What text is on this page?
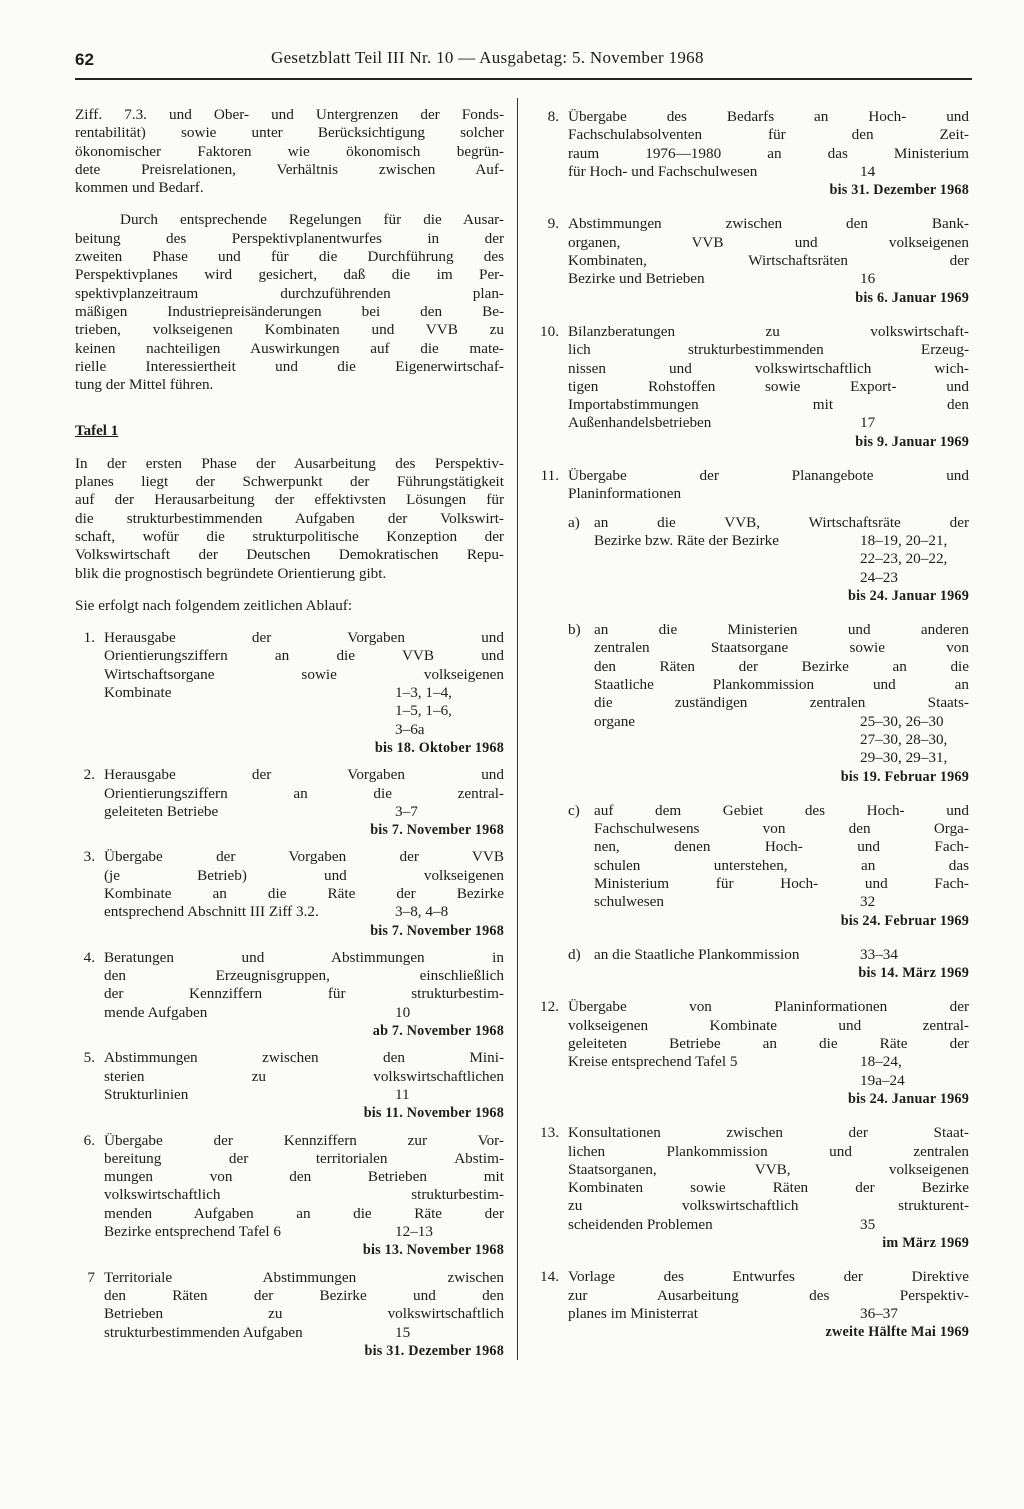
62	Gesetzblatt Teil III Nr. 10 — Ausgabetag: 5. November 1968

Ziff. 7.3. und Ober- und Untergrenzen der Fonds-

rentabilität) sowie unter Berücksichtigung solcher

ökonomischer Faktoren wie ökonomisch begrün-

dete Preisrelationen, Verhältnis zwischen Auf-

kommen und Bedarf.

Durch entsprechende Regelungen für die Ausar-

beitung des Perspektivplanentwurfes in der

zweiten Phase und für die Durchführung des

Perspektivplanes wird gesichert, daß die im Per-

spektivplanzeitraum durchzuführenden plan-

mäßigen Industriepreisänderungen bei den Be-

trieben, volkseigenen Kombinaten und VVB zu

keinen nachteiligen Auswirkungen auf die mate-

rielle Interessiertheit und die Eigenerwirtschaf-

tung der Mittel führen.

Tafel 1

In der ersten Phase der Ausarbeitung des Perspektiv-

planes liegt der Schwerpunkt der Führungstätigkeit

auf der Herausarbeitung der effektivsten Lösungen für

die strukturbestimmenden Aufgaben der Volkswirt-

schaft, wofür die strukturpolitische Konzeption der

Volkswirtschaft der Deutschen Demokratischen Repu-

blik die prognostisch begründete Orientierung gibt.

Sie erfolgt nach folgendem zeitlichen Ablauf:

1. Herausgabe der Vorgaben und
Orientierungsziffern an die VVB und
Wirtschaftsorgane sowie volkseigenen
Kombinate	1–3, 1–4,
1–5, 1–6,
3–6a
bis 18. Oktober 1968
2. Herausgabe der Vorgaben und
Orientierungsziffern an die zentral-
geleiteten Betriebe	3–7
bis 7. November 1968
3. Übergabe der Vorgaben der VVB
(je Betrieb) und volkseigenen
Kombinate an die Räte der Bezirke
entsprechend Abschnitt III Ziff 3.2.	3–8, 4–8
bis 7. November 1968
4. Beratungen und Abstimmungen in
den Erzeugnisgruppen, einschließlich
der Kennziffern für strukturbestim-
mende Aufgaben	10
ab 7. November 1968
5. Abstimmungen zwischen den Mini-
sterien zu volkswirtschaftlichen
Strukturlinien	11
bis 11. November 1968
6. Übergabe der Kennziffern zur Vor-
bereitung der territorialen Abstim-
mungen von den Betrieben mit
volkswirtschaftlich strukturbestim-
menden Aufgaben an die Räte der
Bezirke entsprechend Tafel 6	12–13
bis 13. November 1968
7 Territoriale Abstimmungen zwischen
den Räten der Bezirke und den
Betrieben zu volkswirtschaftlich
strukturbestimmenden Aufgaben	15
bis 31. Dezember 1968
8. Übergabe des Bedarfs an Hoch- und
Fachschulabsolventen für den Zeit-
raum 1976—1980 an das Ministerium
für Hoch- und Fachschulwesen	14
bis 31. Dezember 1968
9. Abstimmungen zwischen den Bank-
organen, VVB und volkseigenen
Kombinaten, Wirtschaftsräten der
Bezirke und Betrieben	16
bis 6. Januar 1969
10. Bilanzberatungen zu volkswirtschaft-
lich strukturbestimmenden Erzeug-
nissen und volkswirtschaftlich wich-
tigen Rohstoffen sowie Export- und
Importabstimmungen mit den
Außenhandelsbetrieben	17
bis 9. Januar 1969
11. Übergabe der Planangebote und
Planinformationen
a) an die VVB, Wirtschaftsräte der
Bezirke bzw. Räte der Bezirke	18–19, 20–21,
22–23, 20–22,
24–23
bis 24. Januar 1969
b) an die Ministerien und anderen
zentralen Staatsorgane sowie von
den Räten der Bezirke an die
Staatliche Plankommission und an
die zuständigen zentralen Staats-
organe	25–30, 26–30
27–30, 28–30,
29–30, 29–31,
bis 19. Februar 1969
c) auf dem Gebiet des Hoch- und
Fachschulwesens von den Orga-
nen, denen Hoch- und Fach-
schulen unterstehen, an das
Ministerium für Hoch- und Fach-
schulwesen	32
bis 24. Februar 1969
d) an die Staatliche Plankommission	33–34
bis 14. März 1969
12. Übergabe von Planinformationen der
volkseigenen Kombinate und zentral-
geleiteten Betriebe an die Räte der
Kreise entsprechend Tafel 5	18–24,
19a–24
bis 24. Januar 1969
13. Konsultationen zwischen der Staat-
lichen Plankommission und zentralen
Staatsorganen, VVB, volkseigenen
Kombinaten sowie Räten der Bezirke
zu volkswirtschaftlich strukturent-
scheidenden Problemen	35
im März 1969
14. Vorlage des Entwurfes der Direktive
zur Ausarbeitung des Perspektiv-
planes im Ministerrat	36–37
zweite Hälfte Mai 1969
